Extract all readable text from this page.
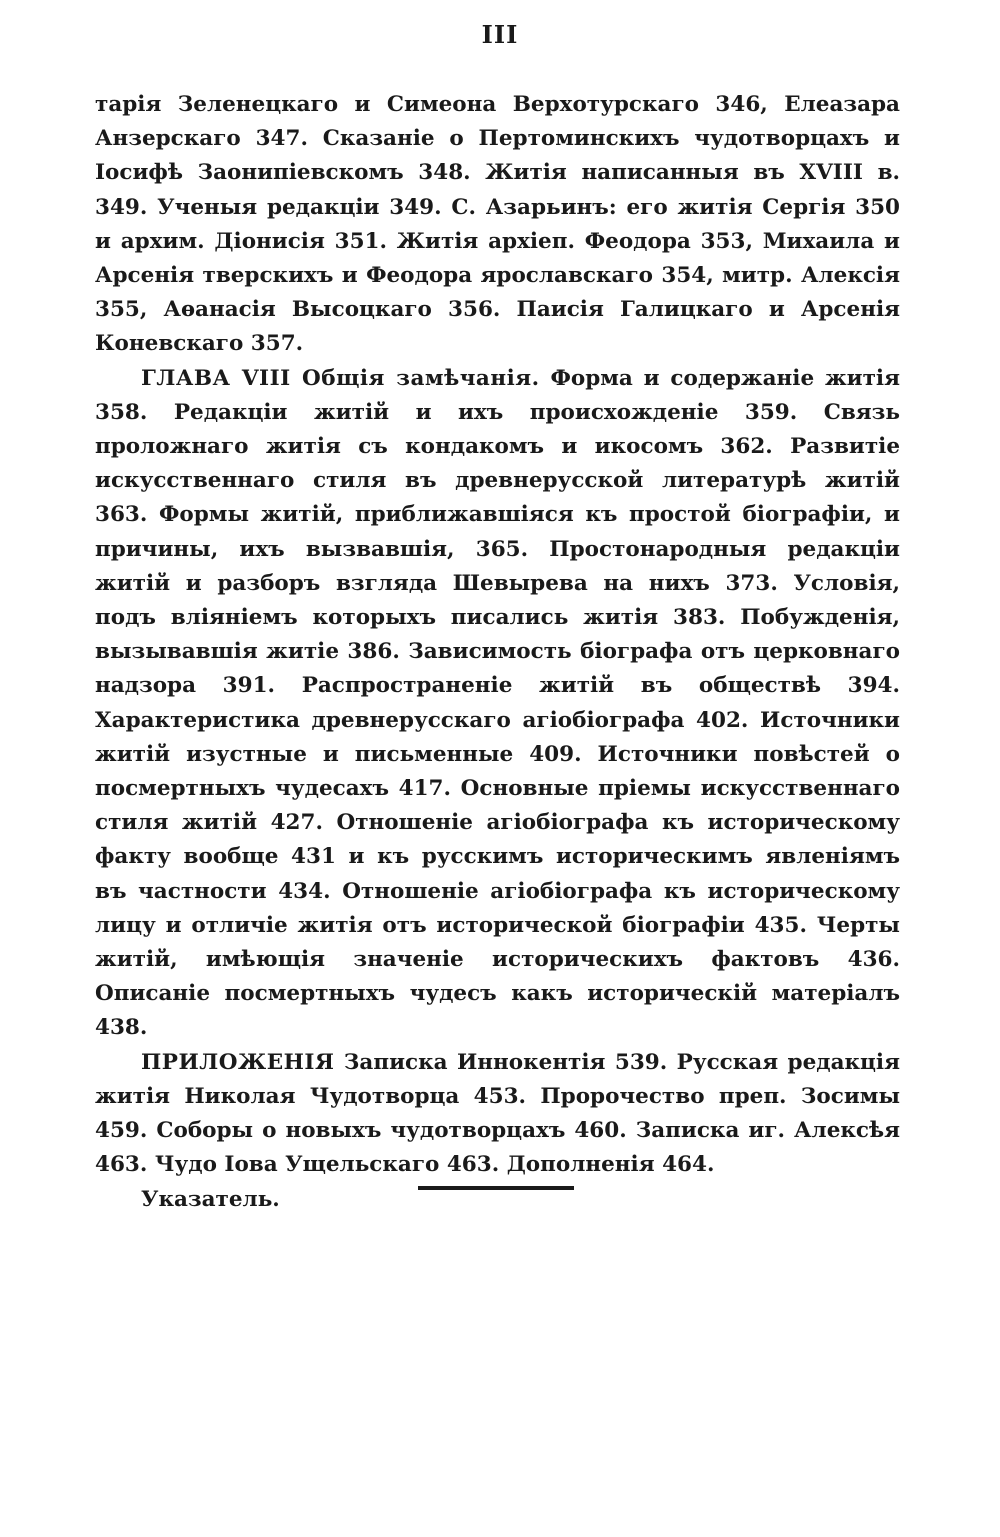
III

тарія Зеленецкаго и Симеона Верхотурскаго 346, Елеазара Анзерскаго 347. Сказаніе о Пертоминскихъ чудотворцахъ и Іосифѣ Заонипіевскомъ 348. Житія написанныя въ XVIII в. 349. Ученыя редакціи 349. С. Азарьинъ: его житія Сергія 350 и архим. Діонисія 351. Житія архіеп. Феодора 353, Михаила и Арсенія тверскихъ и Феодора ярославскаго 354, митр. Алексія 355, Аѳанасія Высоцкаго 356. Паисія Галицкаго и Арсенія Коневскаго 357.

ГЛАВА VIII Общія замѣчанія. Форма и содержаніе житія 358. Редакціи житій и ихъ происхожденіе 359. Связь проложнаго житія съ кондакомъ и икосомъ 362. Развитіе искусственнаго стиля въ древнерусской литературѣ житій 363. Формы житій, приближавшіяся къ простой біографіи, и причины, ихъ вызвавшія, 365. Простонародныя редакціи житій и разборъ взгляда Шевырева на нихъ 373. Условія, подъ вліяніемъ которыхъ писались житія 383. Побужденія, вызывавшія житіе 386. Зависимость біографа отъ церковнаго надзора 391. Распространеніе житій въ обществѣ 394. Характеристика древнерусскаго агіобіографа 402. Источники житій изустные и письменные 409. Источники повѣстей о посмертныхъ чудесахъ 417. Основные пріемы искусственнаго стиля житій 427. Отношеніе агіобіографа къ историческому факту вообще 431 и къ русскимъ историческимъ явленіямъ въ частности 434. Отношеніе агіобіографа къ историческому лицу и отличіе житія отъ исторической біографіи 435. Черты житій, имѣющія значеніе историческихъ фактовъ 436. Описаніе посмертныхъ чудесъ какъ историческій матеріалъ 438.

ПРИЛОЖЕНІЯ Записка Иннокентія 539. Русская редакція житія Николая Чудотворца 453. Пророчество преп. Зосимы 459. Соборы о новыхъ чудотворцахъ 460. Записка иг. Алексѣя 463. Чудо Іова Ущельскаго 463. Дополненія 464.

Указатель.
